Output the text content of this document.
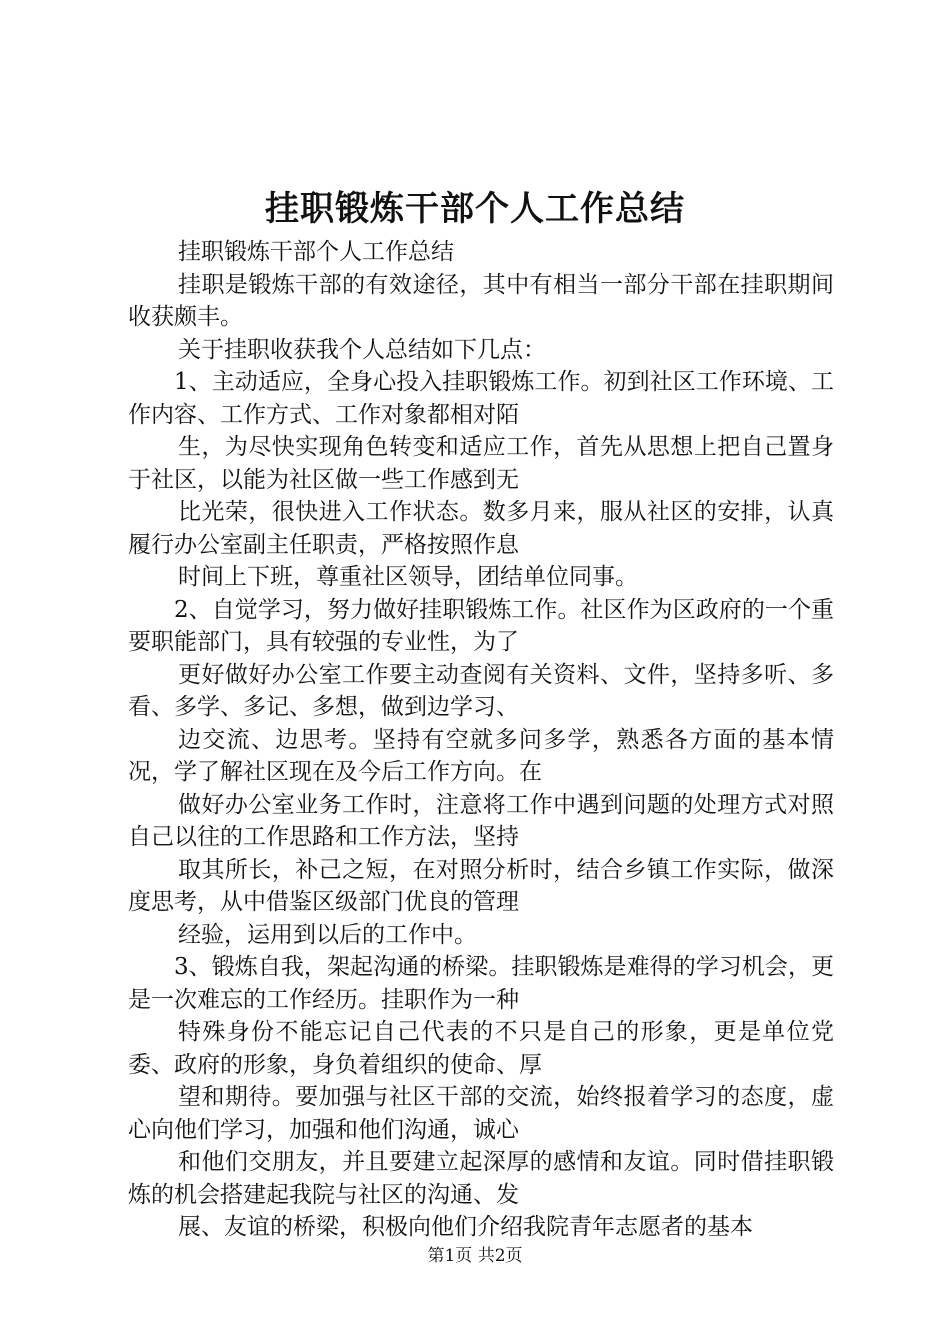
挂职锻炼干部个人工作总结

挂职锻炼干部个人工作总结

挂职是锻炼干部的有效途径，其中有相当一部分干部在挂职期间收获颇丰。

关于挂职收获我个人总结如下几点：

1、主动适应，全身心投入挂职锻炼工作。初到社区工作环境、工作内容、工作方式、工作对象都相对陌

生，为尽快实现角色转变和适应工作，首先从思想上把自己置身于社区，以能为社区做一些工作感到无

比光荣，很快进入工作状态。数多月来，服从社区的安排，认真履行办公室副主任职责，严格按照作息

时间上下班，尊重社区领导，团结单位同事。

2、自觉学习，努力做好挂职锻炼工作。社区作为区政府的一个重要职能部门，具有较强的专业性，为了

更好做好办公室工作要主动查阅有关资料、文件，坚持多听、多看、多学、多记、多想，做到边学习、

边交流、边思考。坚持有空就多问多学，熟悉各方面的基本情况，学了解社区现在及今后工作方向。在

做好办公室业务工作时，注意将工作中遇到问题的处理方式对照自己以往的工作思路和工作方法，坚持

取其所长，补己之短，在对照分析时，结合乡镇工作实际，做深度思考，从中借鉴区级部门优良的管理

经验，运用到以后的工作中。

3、锻炼自我，架起沟通的桥梁。挂职锻炼是难得的学习机会，更是一次难忘的工作经历。挂职作为一种

特殊身份不能忘记自己代表的不只是自己的形象，更是单位党委、政府的形象，身负着组织的使命、厚

望和期待。要加强与社区干部的交流，始终报着学习的态度，虚心向他们学习，加强和他们沟通，诚心

和他们交朋友，并且要建立起深厚的感情和友谊。同时借挂职锻炼的机会搭建起我院与社区的沟通、发

展、友谊的桥梁，积极向他们介绍我院青年志愿者的基本

第1页 共2页
